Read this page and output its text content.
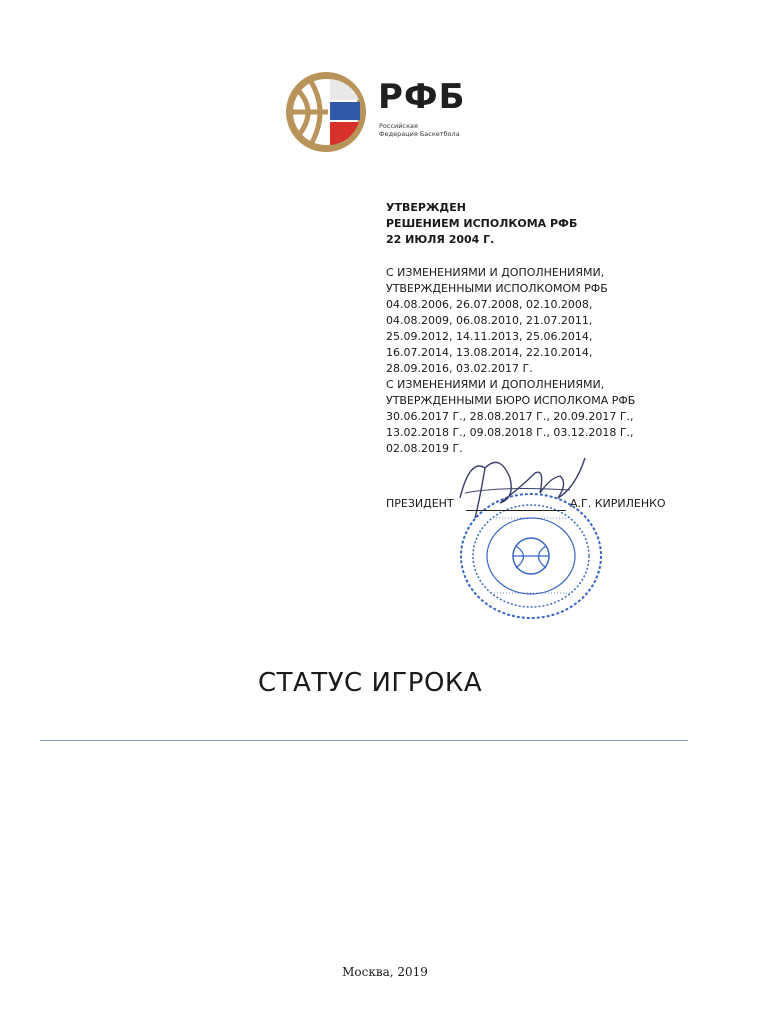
РФБ
Российская
Федерация Баскетбола
УТВЕРЖДЕН
РЕШЕНИЕМ ИСПОЛКОМА РФБ
22 ИЮЛЯ 2004 Г.
С ИЗМЕНЕНИЯМИ И ДОПОЛНЕНИЯМИ,
УТВЕРЖДЕННЫМИ ИСПОЛКОМОМ РФБ
04.08.2006, 26.07.2008, 02.10.2008,
04.08.2009, 06.08.2010, 21.07.2011,
25.09.2012, 14.11.2013, 25.06.2014,
16.07.2014, 13.08.2014, 22.10.2014,
28.09.2016, 03.02.2017 Г.
С ИЗМЕНЕНИЯМИ И ДОПОЛНЕНИЯМИ,
УТВЕРЖДЕННЫМИ БЮРО ИСПОЛКОМА РФБ
30.06.2017 Г., 28.08.2017 Г., 20.09.2017 Г.,
13.02.2018 Г., 09.08.2018 Г., 03.12.2018 Г.,
02.08.2019 Г.
ПРЕЗИДЕНТ	А.Г. КИРИЛЕНКО
СТАТУС ИГРОКА
Москва, 2019
